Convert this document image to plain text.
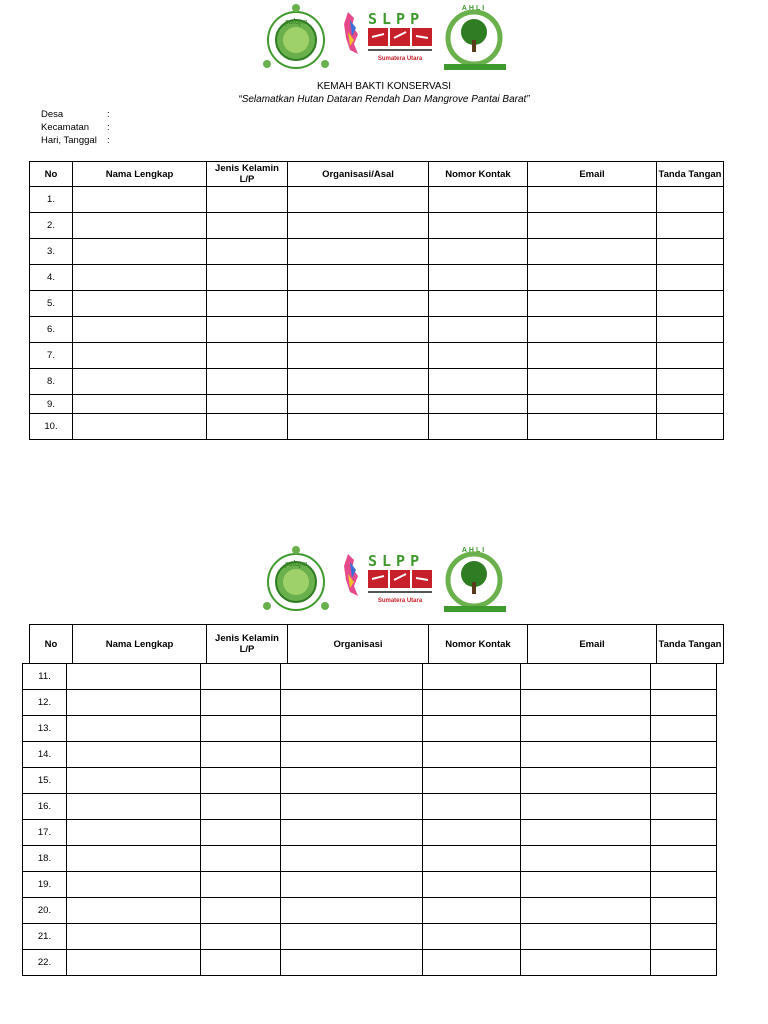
palapa	SLPP
Sumatera Utara
AHLI
KEMAH BAKTI KONSERVASI
“Selamatkan Hutan Dataran Rendah Dan Mangrove Pantai Barat”
Desa	:
Kecamatan :
Hari, Tanggal :
No	Nama Lengkap	Jenis Kelamin L/P	Organisasi/Asal	Nomor Kontak	Email	Tanda Tangan
1.						
2.						
3.						
4.						
5.						
6.						
7.						
8.						
9.						
10.						
palapa	SLPP
Sumatera Utara
AHLI
No	Nama Lengkap	Jenis Kelamin L/P	Organisasi	Nomor Kontak	Email	Tanda Tangan
11.						
12.						
13.						
14.						
15.						
16.						
17.						
18.						
19.						
20.						
21.						
22.						
